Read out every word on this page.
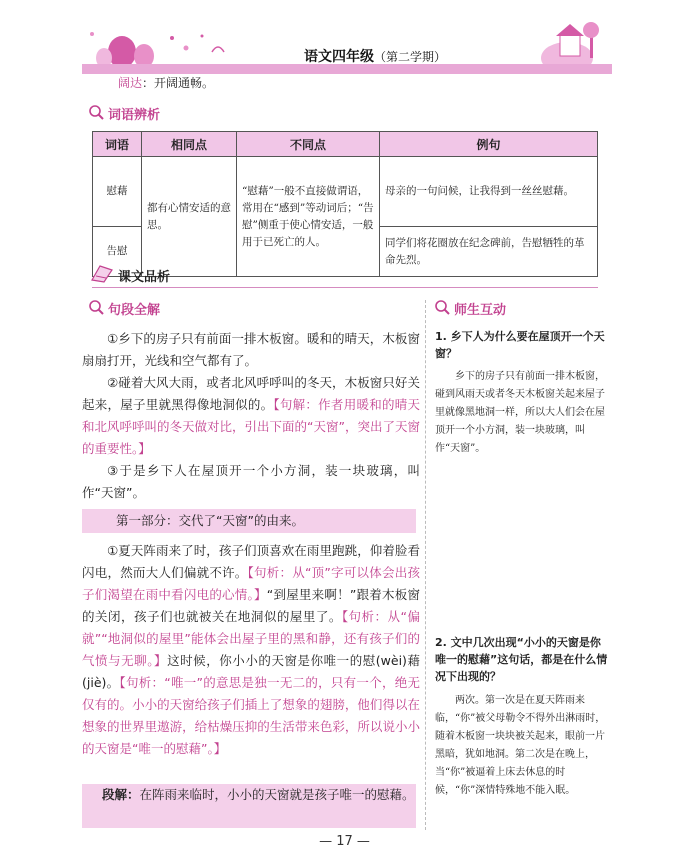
语文四年级（第二学期）
阔达：开阔通畅。
词语辨析
词语	相同点	不同点	例句
慰藉	都有心情安适的意思。	“慰藉”一般不直接做谓语，常用在“感到”等动词后；“告慰”侧重于使心情安适，一般用于已死亡的人。	母亲的一句问候，让我得到一丝丝慰藉。
告慰			同学们将花圈放在纪念碑前，告慰牺牲的革命先烈。
课文品析
句段全解	师生互动
①乡下的房子只有前面一排木板窗。暖和的晴天，木板窗扇扇打开，光线和空气都有了。
②碰着大风大雨，或者北风呼呼叫的冬天，木板窗只好关起来，屋子里就黑得像地洞似的。【句解：作者用暖和的晴天和北风呼呼叫的冬天做对比，引出下面的“天窗”，突出了天窗的重要性。】
③于是乡下人在屋顶开一个小方洞，装一块玻璃，叫作“天窗”。
第一部分：交代了“天窗”的由来。
①夏天阵雨来了时，孩子们顶喜欢在雨里跑跳，仰着脸看闪电，然而大人们偏就不许。【句析：从“顶”字可以体会出孩子们渴望在雨中看闪电的心情。】“到屋里来啊！”跟着木板窗的关闭，孩子们也就被关在地洞似的屋里了。【句析：从“偏就”“地洞似的屋里”能体会出屋子里的黑和静，还有孩子们的气愤与无聊。】这时候，你小小的天窗是你唯一的慰(wèi)藉(jiè)。【句析：“唯一”的意思是独一无二的，只有一个，绝无仅有的。小小的天窗给孩子们插上了想象的翅膀，他们得以在想象的世界里遨游，给枯燥压抑的生活带来色彩，所以说小小的天窗是“唯一的慰藉”。】
段解：在阵雨来临时，小小的天窗就是孩子唯一的慰藉。
1. 乡下人为什么要在屋顶开一个天窗？
乡下的房子只有前面一排木板窗，碰到风雨天或者冬天木板窗关起来屋子里就像黑地洞一样，所以大人们会在屋顶开一个小方洞，装一块玻璃，叫作“天窗”。
2. 文中几次出现“小小的天窗是你唯一的慰藉”这句话，都是在什么情况下出现的？
两次。第一次是在夏天阵雨来临，“你”被父母勒令不得外出淋雨时，随着木板窗一块块被关起来，眼前一片黑暗，犹如地洞。第二次是在晚上，当“你”被逼着上床去休息的时候，“你”深情特殊地不能入眠。
— 17 —
